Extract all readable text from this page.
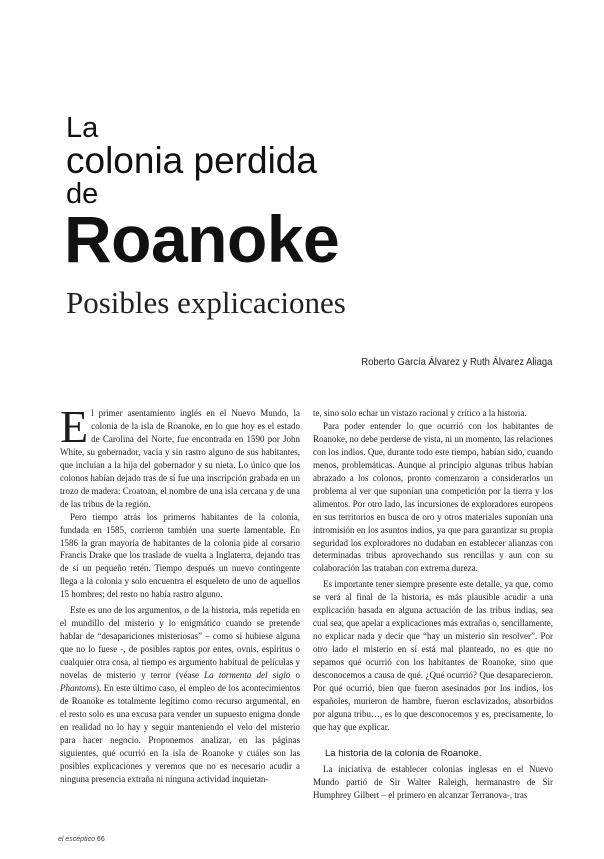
La
colonia perdida
de
Roanoke
Posibles explicaciones
Roberto García Álvarez y Ruth Álvarez Aliaga

El primer asentamiento inglés en el Nuevo Mundo, la colonia de la isla de Roanoke, en lo que hoy es el estado de Carolina del Norte, fue encontrada en 1590 por John White, su gobernador, vacía y sin rastro alguno de sus habitantes, que incluían a la hija del gobernador y su nieta. Lo único que los colonos habían dejado tras de sí fue una inscripción grabada en un trozo de madera: Croatoan, el nombre de una isla cercana y de una de las tribus de la región.

Pero tiempo atrás los primeros habitantes de la colonia, fundada en 1585, corrieron también una suerte lamentable. En 1586 la gran mayoría de habitantes de la colonia pide al corsario Francis Drake que los traslade de vuelta a Inglaterra, dejando tras de sí un pequeño retén. Tiempo después un nuevo contingente llega a la colonia y solo encuentra el esqueleto de uno de aquellos 15 hombres; del resto no había rastro alguno.

Este es uno de los argumentos, o de la historia, más repetida en el mundillo del misterio y lo enigmático cuando se pretende hablar de “desapariciones misteriosas” – como si hubiese alguna que no lo fuese -, de posibles raptos por entes, ovnis, espíritus o cualquier otra cosa, al tiempo es argumento habitual de películas y novelas de misterio y terror (véase La tormenta del siglo o Phantoms). En este último caso, el empleo de los acontecimientos de Roanoke es totalmente legítimo como recurso argumental, en el resto solo es una excusa para vender un supuesto enigma donde en realidad no lo hay y seguir manteniendo el velo del misterio para hacer negocio. Proponemos analizar, en las páginas siguientes, qué ocurrió en la isla de Roanoke y cuáles son las posibles explicaciones y veremos que no es necesario acudir a ninguna presencia extraña ni ninguna actividad inquietan-

te, sino solo echar un vistazo racional y crítico a la historia.

Para poder entender lo que ocurrió con los habitantes de Roanoke, no debe perderse de vista, ni un momento, las relaciones con los indios. Que, durante todo este tiempo, habían sido, cuando menos, problemáticas. Aunque al principio algunas tribus habían abrazado a los colonos, pronto comenzaron a considerarlos un problema al ver que suponían una competición por la tierra y los alimentos. Por otro lado, las incursiones de exploradores europeos en sus territorios en busca de oro y otros materiales suponían una intromisión en los asuntos indios, ya que para garantizar su propia seguridad los exploradores no dudaban en establecer alianzas con determinadas tribus aprovechando sus rencillas y aun con su colaboración las trataban con extrema dureza.

Es importante tener siempre presente este detalle, ya que, como se verá al final de la historia, es más plausible acudir a una explicación basada en alguna actuación de las tribus indias, sea cual sea, que apelar a explicaciones más extrañas o, sencillamente, no explicar nada y decir que “hay un misterio sin resolver”. Por otro lado el misterio en sí está mal planteado, no es que no sepamos qué ocurrió con los habitantes de Roanoke, sino que desconocemos a causa de qué. ¿Qué ocurrió? Que desaparecieron. Por qué ocurrió, bien que fueron asesinados por los indios, los españoles, murieron de hambre, fueron esclavizados, absorbidos por alguna tribu…, es lo que desconocemos y es, precisamente, lo que hay que explicar.

La historia de la colonia de Roanoke.

La iniciativa de establecer colonias inglesas en el Nuevo Mundo partió de Sir Walter Raleigh, hermanastro de Sir Humphrey Gilbert – el primero en alcanzar Terranova-, tras

el escéptico 66
